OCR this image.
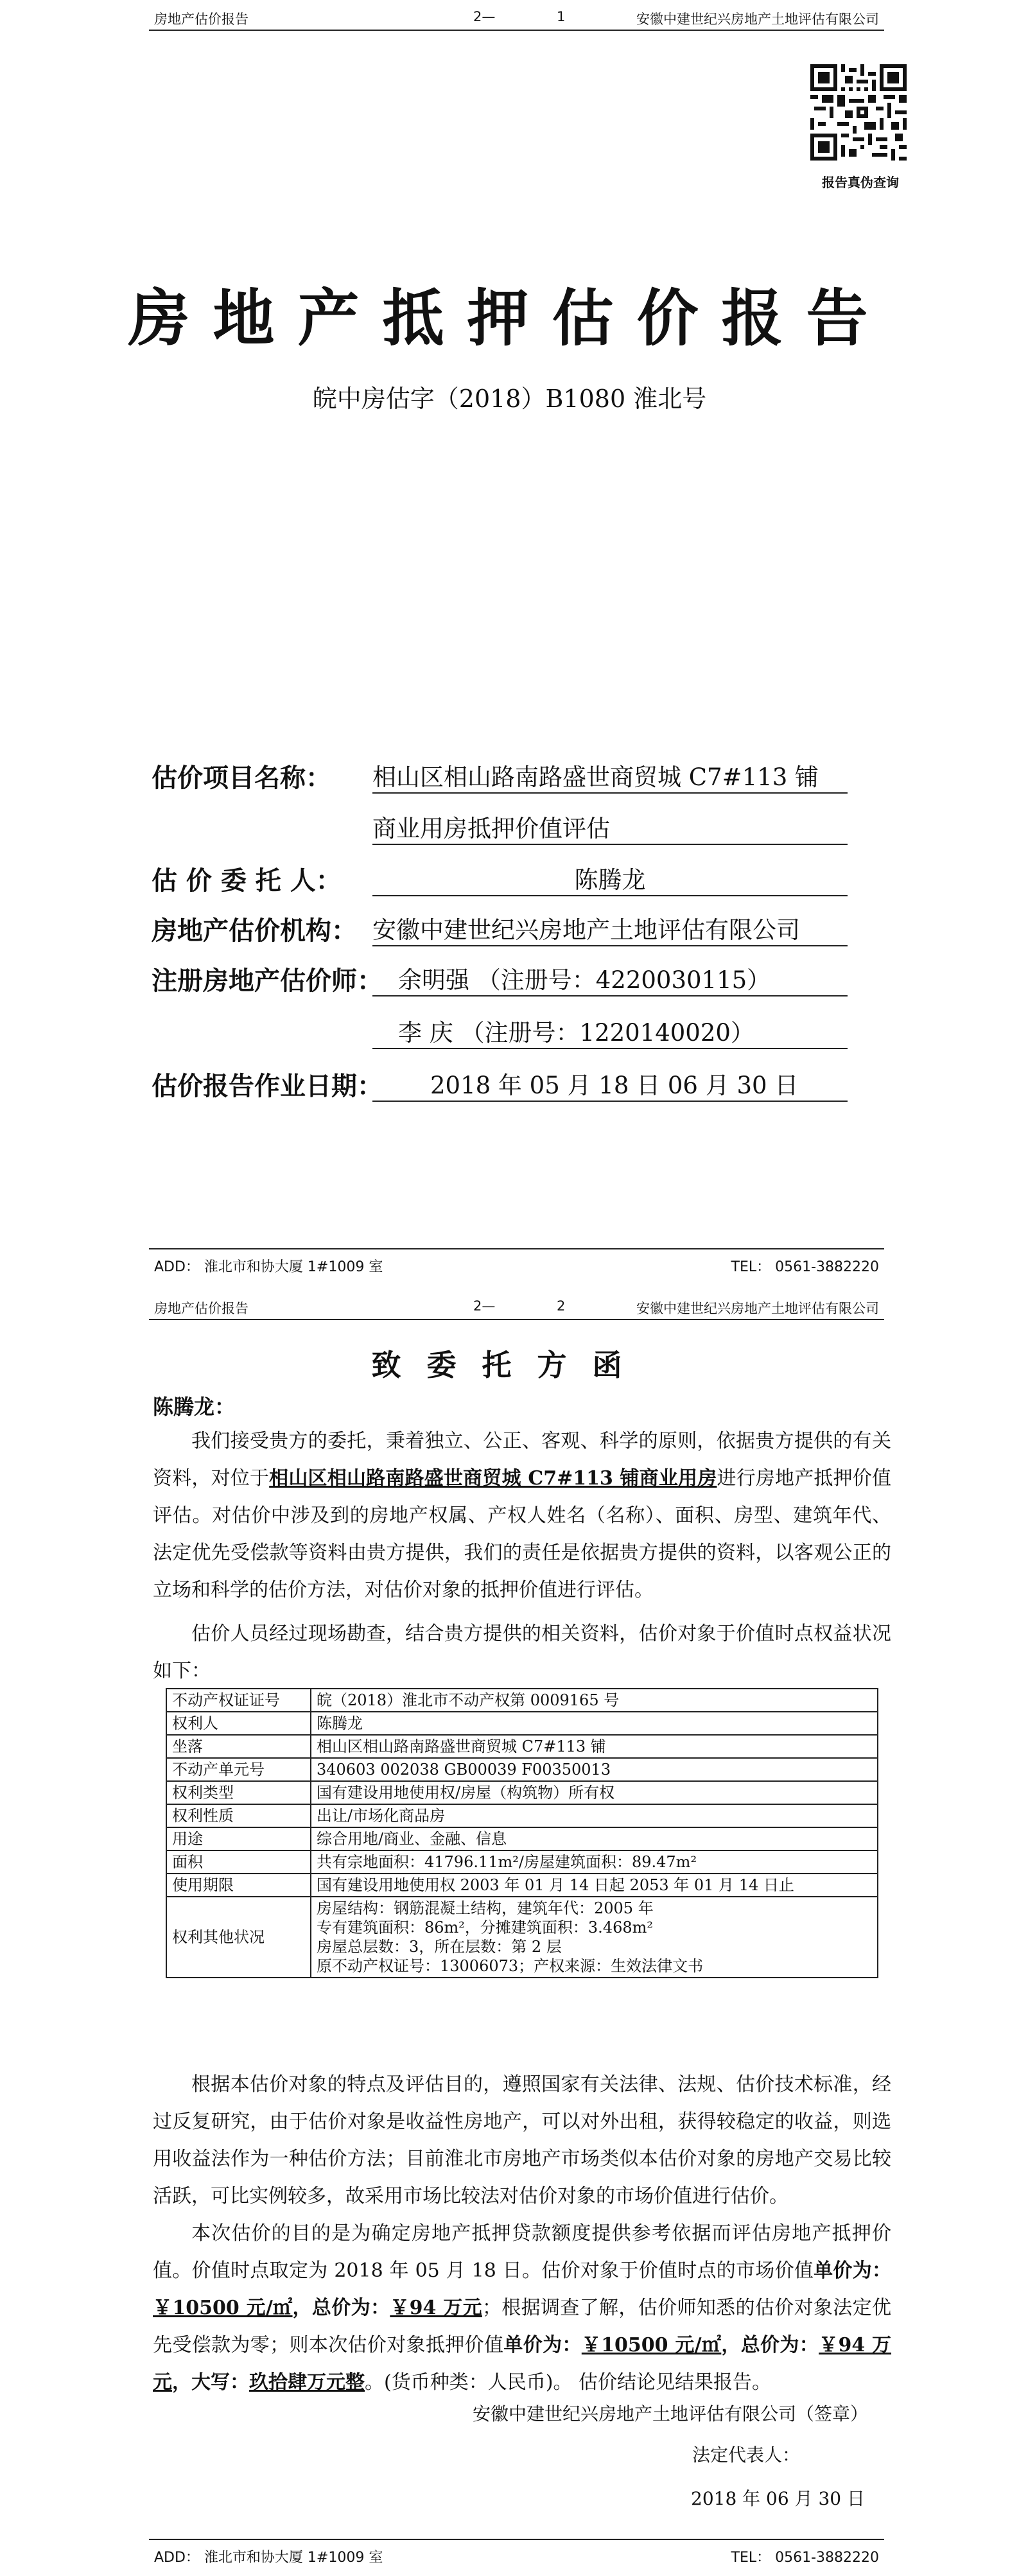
房地产估价报告	2—	1	安徽中建世纪兴房地产土地评估有限公司
报告真伪查询
房地产抵押估价报告
皖中房估字（2018）B1080 淮北号
估价项目名称： 相山区相山路南路盛世商贸城 C7#113 铺
商业用房抵押价值评估
估 价 委 托 人：	陈腾龙
房地产估价机构： 安徽中建世纪兴房地产土地评估有限公司
注册房地产估价师： 余明强 （注册号：4220030115）
李 庆 （注册号：1220140020）
估价报告作业日期：	2018 年 05 月 18 日 06 月 30 日
ADD： 淮北市和协大厦 1#1009 室	TEL： 0561-3882220
房地产估价报告	2—	2	安徽中建世纪兴房地产土地评估有限公司
致委托方函
陈腾龙：
我们接受贵方的委托，秉着独立、公正、客观、科学的原则，依据贵方提供的有关资料，对位于相山区相山路南路盛世商贸城 C7#113 铺商业用房进行房地产抵押价值评估。对估价中涉及到的房地产权属、产权人姓名（名称）、面积、房型、建筑年代、法定优先受偿款等资料由贵方提供，我们的责任是依据贵方提供的资料，以客观公正的立场和科学的估价方法，对估价对象的抵押价值进行评估。
估价人员经过现场勘查，结合贵方提供的相关资料，估价对象于价值时点权益状况如下：
不动产权证证号	皖（2018）淮北市不动产权第 0009165 号
权利人	陈腾龙
坐落	相山区相山路南路盛世商贸城 C7#113 铺
不动产单元号	340603 002038 GB00039 F00350013
权利类型	国有建设用地使用权/房屋（构筑物）所有权
权利性质	出让/市场化商品房
用途	综合用地/商业、金融、信息
面积	共有宗地面积：41796.11m²/房屋建筑面积：89.47m²
使用期限	国有建设用地使用权 2003 年 01 月 14 日起 2053 年 01 月 14 日止
权利其他状况	房屋结构：钢筋混凝土结构，建筑年代：2005 年
专有建筑面积：86m²，分摊建筑面积：3.468m²
房屋总层数：3，所在层数：第 2 层
原不动产权证号：13006073；产权来源：生效法律文书
根据本估价对象的特点及评估目的，遵照国家有关法律、法规、估价技术标准，经过反复研究，由于估价对象是收益性房地产，可以对外出租，获得较稳定的收益，则选用收益法作为一种估价方法；目前淮北市房地产市场类似本估价对象的房地产交易比较活跃，可比实例较多，故采用市场比较法对估价对象的市场价值进行估价。
本次估价的目的是为确定房地产抵押贷款额度提供参考依据而评估房地产抵押价值。价值时点取定为 2018 年 05 月 18 日。估价对象于价值时点的市场价值单价为：￥10500 元/㎡，总价为：￥94 万元；根据调查了解，估价师知悉的估价对象法定优先受偿款为零；则本次估价对象抵押价值单价为：￥10500 元/㎡，总价为：￥94 万元，大写：玖拾肆万元整。(货币种类：人民币)。 估价结论见结果报告。
安徽中建世纪兴房地产土地评估有限公司（签章）
法定代表人：
2018 年 06 月 30 日
ADD： 淮北市和协大厦 1#1009 室	TEL： 0561-3882220
